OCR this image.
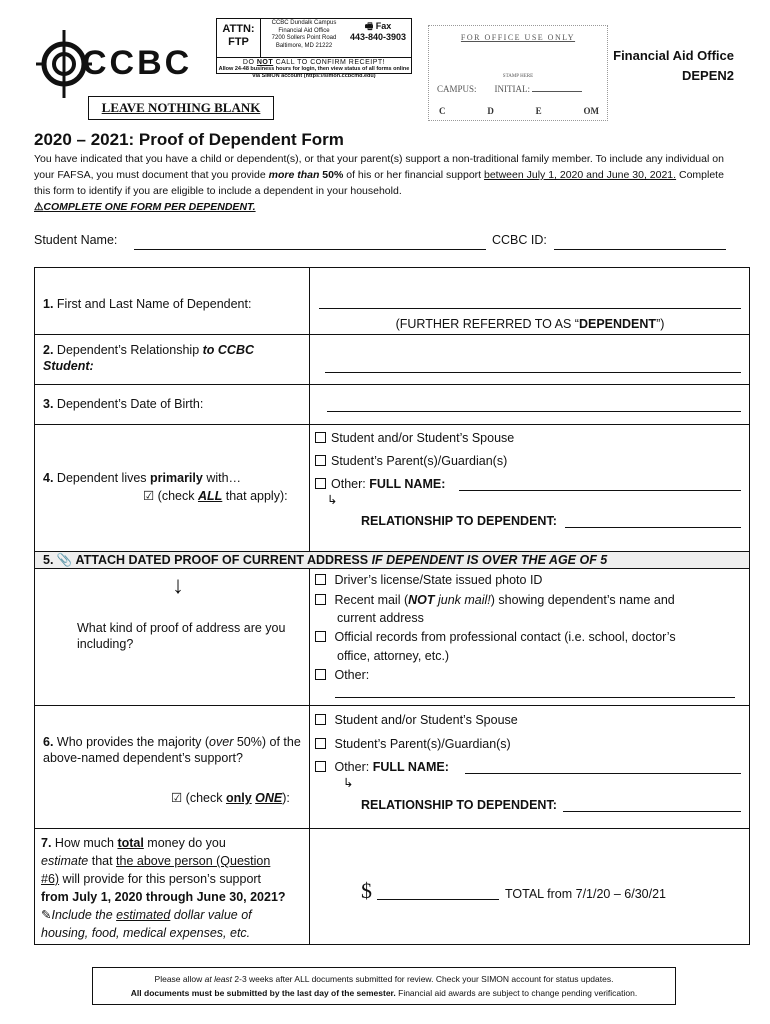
CCBC
ATTN:
FTP
CCBC Dundalk Campus
Financial Aid Office
7200 Sollers Point Road
Baltimore, MD 21222
🖷 Fax
443-840-3903
DO NOT CALL TO CONFIRM RECEIPT!
Allow 24-48 business hours for login, then view status of all forms online via SIMON account (https://simon.ccbcmd.edu)
LEAVE NOTHING BLANK
FOR OFFICE USE ONLY
STAMP HERE
CAMPUS: INITIAL:
C	D	E	OM
Financial Aid Office
DEPEN2
2020 – 2021: Proof of Dependent Form
You have indicated that you have a child or dependent(s), or that your parent(s) support a non-traditional family member. To include any individual on your FAFSA, you must document that you provide more than 50% of his or her financial support between July 1, 2020 and June 30, 2021. Complete this form to identify if you are eligible to include a dependent in your household.
⚠COMPLETE ONE FORM PER DEPENDENT.
Student Name:	CCBC ID:
1. First and Last Name of Dependent:
(FURTHER REFERRED TO AS “DEPENDENT”)
2. Dependent’s Relationship to CCBC Student:
3. Dependent’s Date of Birth:
4. Dependent lives primarily with…
☑ (check ALL that apply):
Student and/or Student’s Spouse
Student’s Parent(s)/Guardian(s)
Other: FULL NAME:
↳
RELATIONSHIP TO DEPENDENT:
5. 📎 ATTACH DATED PROOF OF CURRENT ADDRESS IF DEPENDENT IS OVER THE AGE OF 5
↓
What kind of proof of address are you including?
Driver’s license/State issued photo ID
Recent mail (NOT junk mail!) showing dependent’s name and
current address
Official records from professional contact (i.e. school, doctor’s
office, attorney, etc.)
Other:
6. Who provides the majority (over 50%) of the above-named dependent’s support?
☑ (check only ONE):
Student and/or Student’s Spouse
Student’s Parent(s)/Guardian(s)
Other: FULL NAME:
↳
RELATIONSHIP TO DEPENDENT:
7. How much total money do you
estimate that the above person (Question
#6) will provide for this person’s support
from July 1, 2020 through June 30, 2021?
✎Include the estimated dollar value of
housing, food, medical expenses, etc.
$	TOTAL from 7/1/20 – 6/30/21
Please allow at least 2-3 weeks after ALL documents submitted for review. Check your SIMON account for status updates.
All documents must be submitted by the last day of the semester. Financial aid awards are subject to change pending verification.
